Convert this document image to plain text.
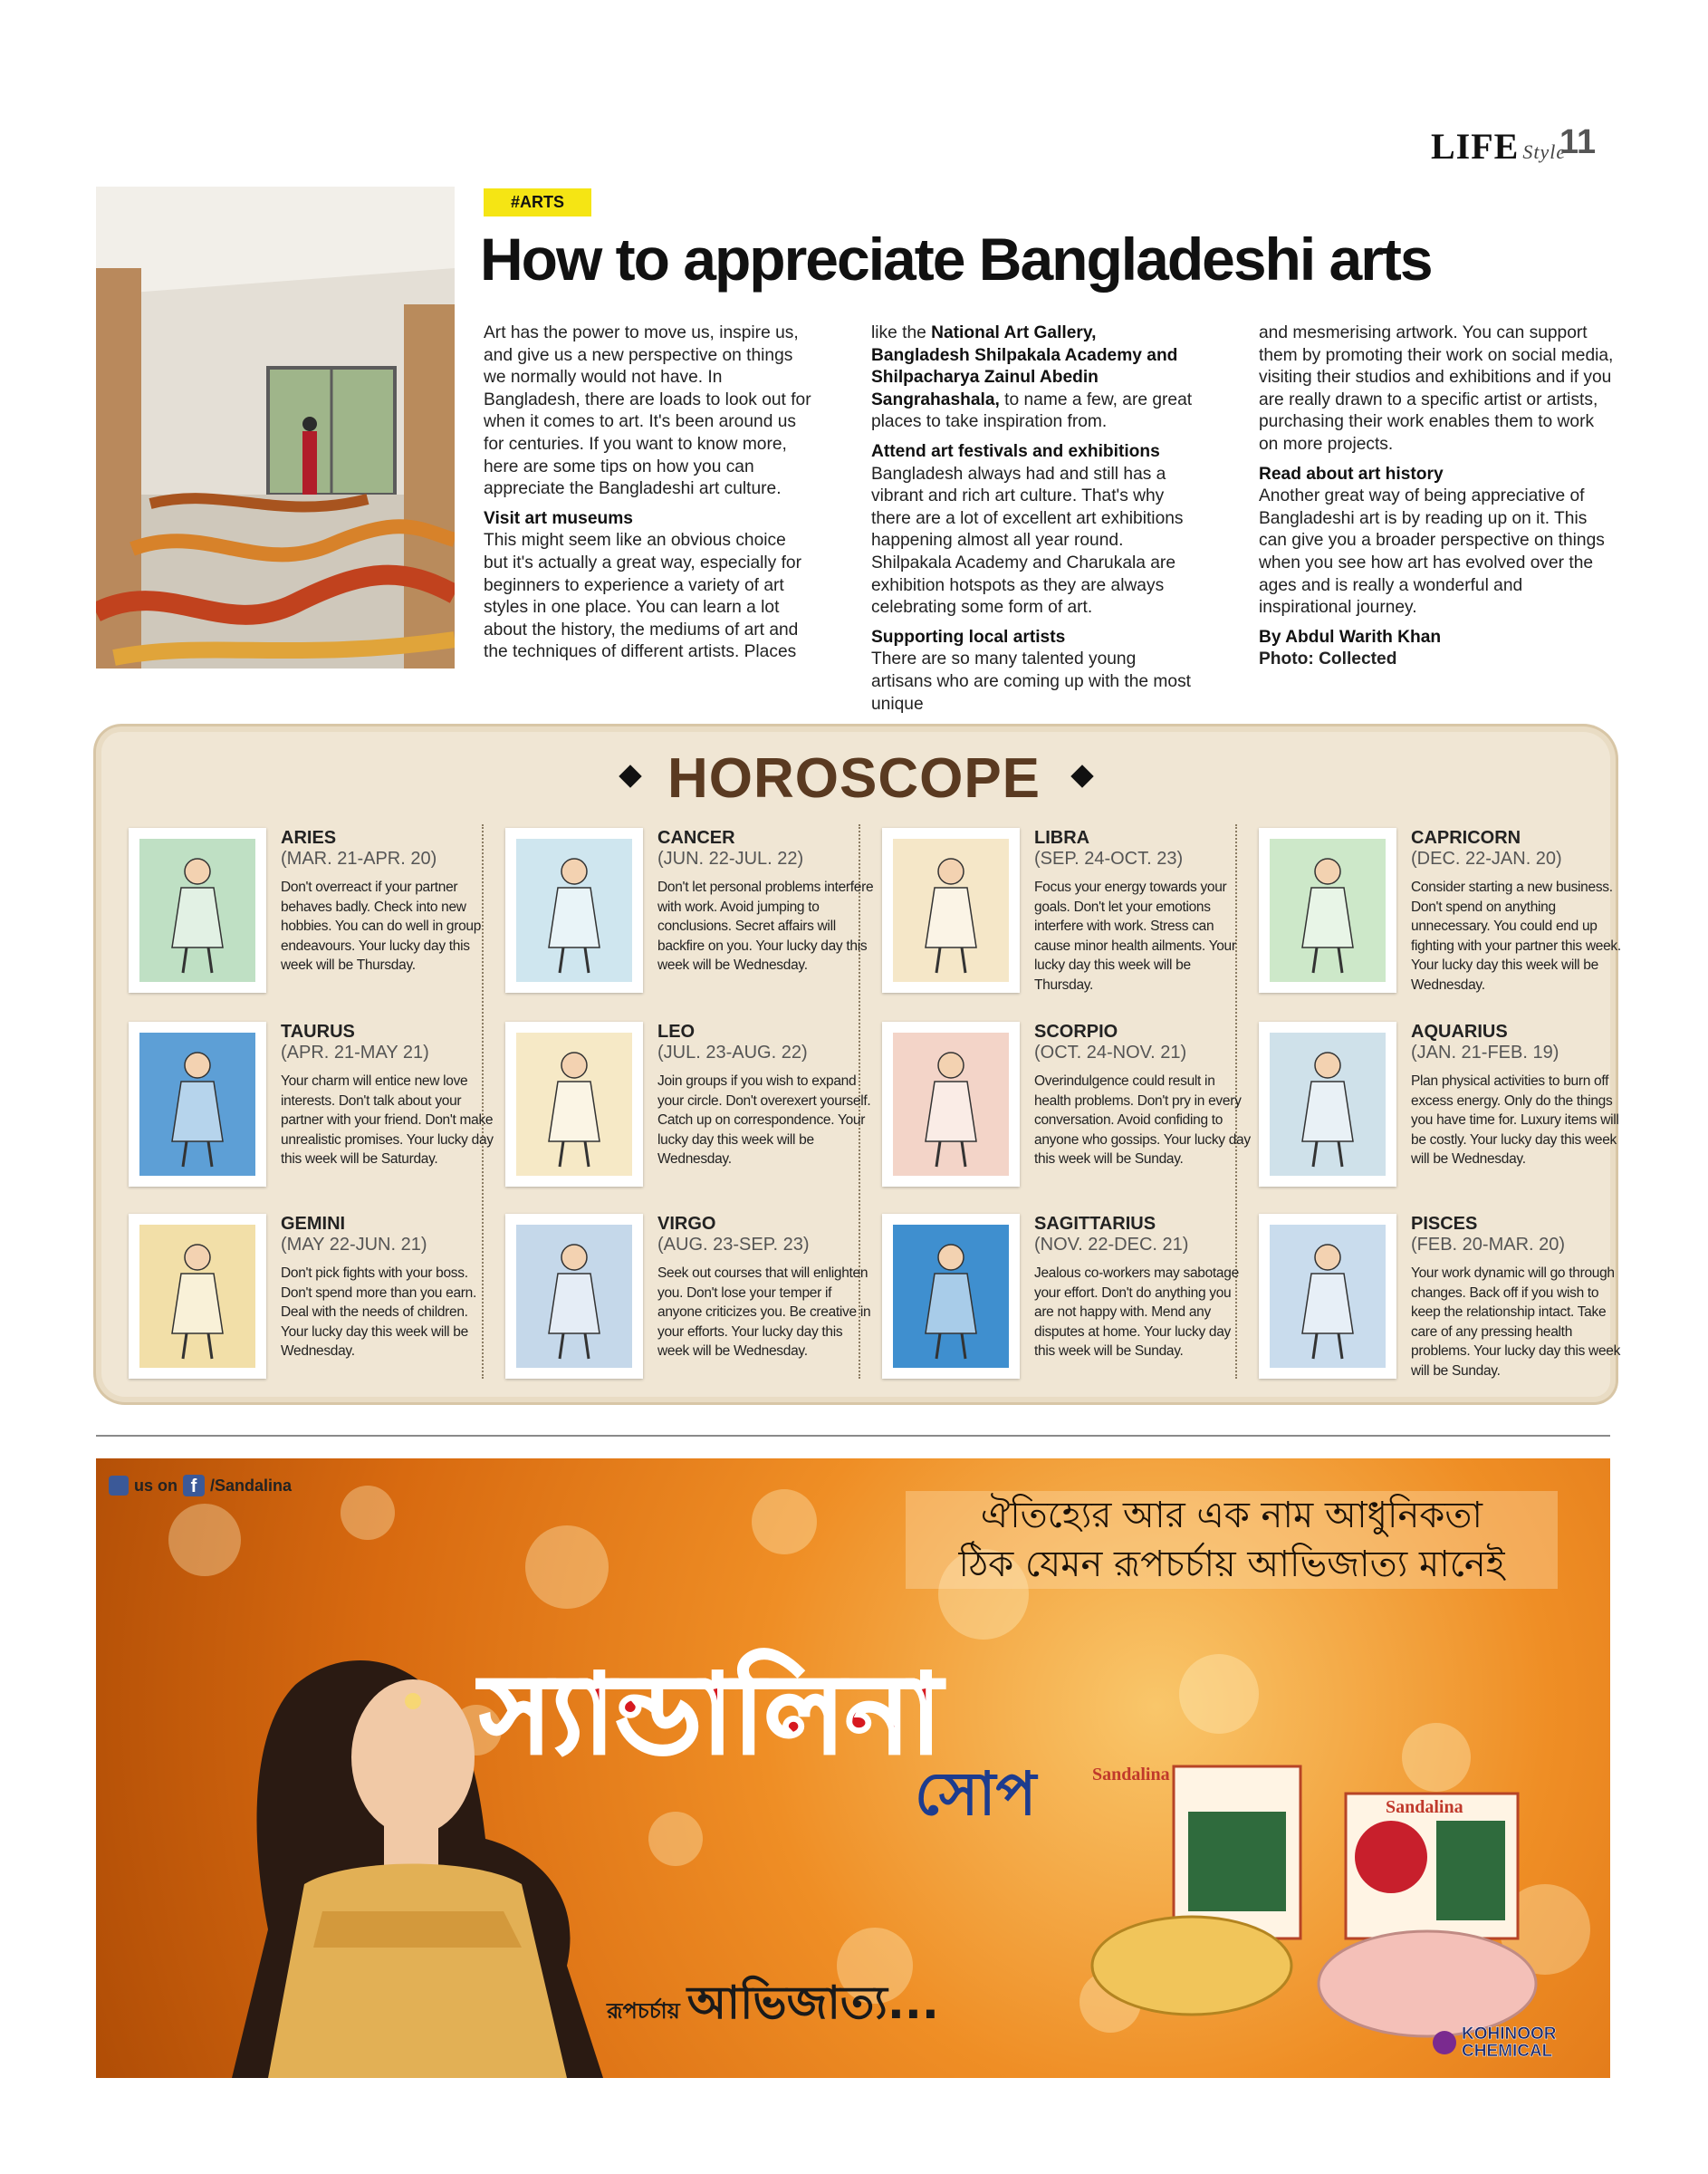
LIFE Style
11
#ARTS
How to appreciate Bangladeshi arts

Art has the power to move us, inspire us, and give us a new perspective on things we normally would not have. In Bangladesh, there are loads to look out for when it comes to art. It's been around us for centuries. If you want to know more, here are some tips on how you can appreciate the Bangladeshi art culture.

Visit art museums

This might seem like an obvious choice but it's actually a great way, especially for beginners to experience a variety of art styles in one place. You can learn a lot about the history, the mediums of art and the techniques of different artists. Places

like the National Art Gallery, Bangladesh Shilpakala Academy and Shilpacharya Zainul Abedin Sangrahashala, to name a few, are great places to take inspiration from.

Attend art festivals and exhibitions

Bangladesh always had and still has a vibrant and rich art culture. That's why there are a lot of excellent art exhibitions happening almost all year round. Shilpakala Academy and Charukala are exhibition hotspots as they are always celebrating some form of art.

Supporting local artists

There are so many talented young artisans who are coming up with the most unique

and mesmerising artwork. You can support them by promoting their work on social media, visiting their studios and exhibitions and if you are really drawn to a specific artist or artists, purchasing their work enables them to work on more projects.

Read about art history

Another great way of being appreciative of Bangladeshi art is by reading up on it. This can give you a broader perspective on things when you see how art has evolved over the ages and is really a wonderful and inspirational journey.

By Abdul Warith Khan
Photo: Collected
HOROSCOPE
ARIES
(MAR. 21-APR. 20)
Don't overreact if your partner behaves badly. Check into new hobbies. You can do well in group endeavours. Your lucky day this week will be Thursday.
TAURUS
(APR. 21-MAY 21)
Your charm will entice new love interests. Don't talk about your partner with your friend. Don't make unrealistic promises. Your lucky day this week will be Saturday.
GEMINI
(MAY 22-JUN. 21)
Don't pick fights with your boss. Don't spend more than you earn. Deal with the needs of children. Your lucky day this week will be Wednesday.
CANCER
(JUN. 22-JUL. 22)
Don't let personal problems interfere with work. Avoid jumping to conclusions. Secret affairs will backfire on you. Your lucky day this week will be Wednesday.
LEO
(JUL. 23-AUG. 22)
Join groups if you wish to expand your circle. Don't overexert yourself. Catch up on correspondence. Your lucky day this week will be Wednesday.
VIRGO
(AUG. 23-SEP. 23)
Seek out courses that will enlighten you. Don't lose your temper if anyone criticizes you. Be creative in your efforts. Your lucky day this week will be Wednesday.
LIBRA
(SEP. 24-OCT. 23)
Focus your energy towards your goals. Don't let your emotions interfere with work. Stress can cause minor health ailments. Your lucky day this week will be Thursday.
SCORPIO
(OCT. 24-NOV. 21)
Overindulgence could result in health problems. Don't pry in every conversation. Avoid confiding to anyone who gossips. Your lucky day this week will be Sunday.
SAGITTARIUS
(NOV. 22-DEC. 21)
Jealous co-workers may sabotage your effort. Don't do anything you are not happy with. Mend any disputes at home. Your lucky day this week will be Sunday.
CAPRICORN
(DEC. 22-JAN. 20)
Consider starting a new business. Don't spend on anything unnecessary. You could end up fighting with your partner this week. Your lucky day this week will be Wednesday.
AQUARIUS
(JAN. 21-FEB. 19)
Plan physical activities to burn off excess energy. Only do the things you have time for. Luxury items will be costly. Your lucky day this week will be Wednesday.
PISCES
(FEB. 20-MAR. 20)
Your work dynamic will go through changes. Back off if you wish to keep the relationship intact. Take care of any pressing health problems. Your lucky day this week will be Sunday.
us on f /Sandalina
ঐতিহ্যের আর এক নাম আধুনিকতা
ঠিক যেমন রূপচর্চায় আভিজাত্য মানেই
স্যান্ডালিনা
সোপ	Sandalina
Sandalina
রূপচর্চায় আভিজাত্য...
KOHINOOR
CHEMICAL
